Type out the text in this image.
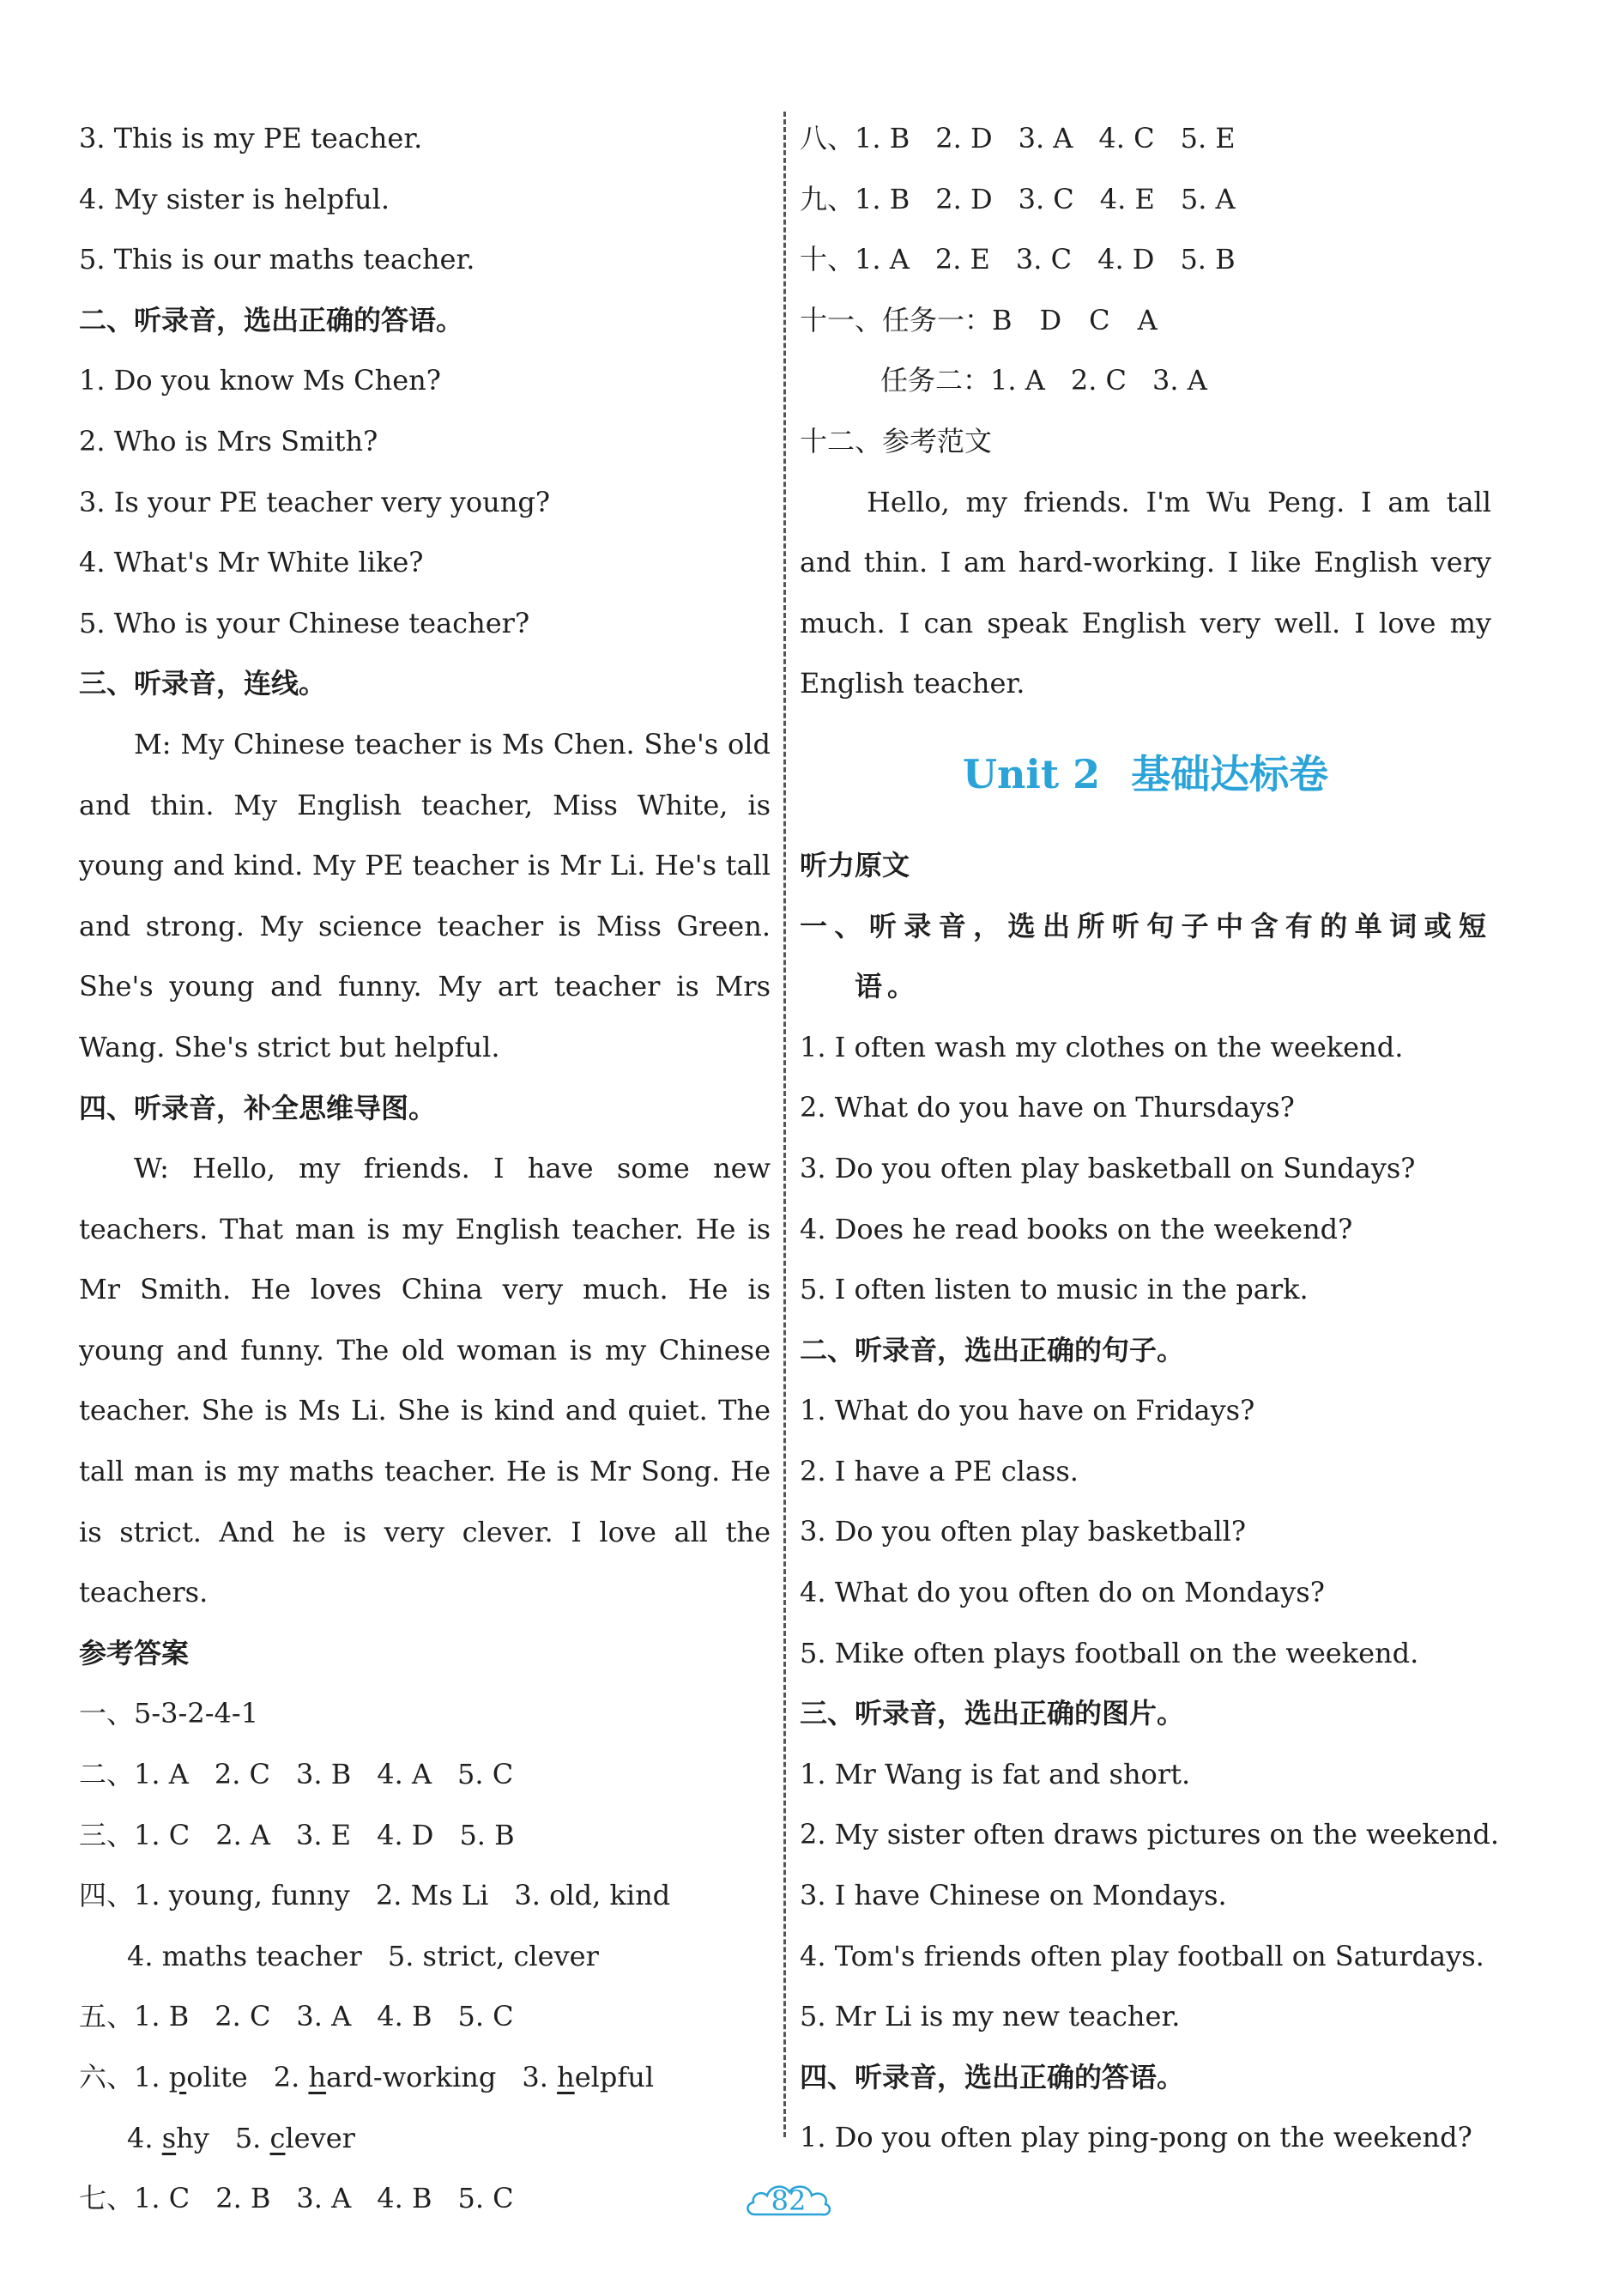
3. This is my PE teacher.
4. My sister is helpful.
5. This is our maths teacher.
二、听录音，选出正确的答语。
1. Do you know Ms Chen?
2. Who is Mrs Smith?
3. Is your PE teacher very young?
4. What's Mr White like?
5. Who is your Chinese teacher?
三、听录音，连线。
M: My Chinese teacher is Ms Chen. She's old and thin. My English teacher, Miss White, is young and kind. My PE teacher is Mr Li. He's tall and strong. My science teacher is Miss Green. She's young and funny. My art teacher is Mrs Wang. She's strict but helpful.
四、听录音，补全思维导图。
W: Hello, my friends. I have some new teachers. That man is my English teacher. He is Mr Smith. He loves China very much. He is young and funny. The old woman is my Chinese teacher. She is Ms Li. She is kind and quiet. The tall man is my maths teacher. He is Mr Song. He is strict. And he is very clever. I love all the teachers.
参考答案
一、5-3-2-4-1
二、1. A 2. C 3. B 4. A 5. C
三、1. C 2. A 3. E 4. D 5. B
四、1. young, funny 2. Ms Li 3. old, kind
4. maths teacher 5. strict, clever
五、1. B 2. C 3. A 4. B 5. C
六、1. polite 2. hard-working 3. helpful
4. shy 5. clever
七、1. C 2. B 3. A 4. B 5. C
八、1. B 2. D 3. A 4. C 5. E
九、1. B 2. D 3. C 4. E 5. A
十、1. A 2. E 3. C 4. D 5. B
十一、任务一：B　D　C　A
任务二：1. A 2. C 3. A
十二、参考范文
Hello, my friends. I'm Wu Peng. I am tall and thin. I am hard-working. I like English very much. I can speak English very well. I love my English teacher.
Unit 2 基础达标卷
听力原文
一、听录音，选出所听句子中含有的单词或短语。
1. I often wash my clothes on the weekend.
2. What do you have on Thursdays?
3. Do you often play basketball on Sundays?
4. Does he read books on the weekend?
5. I often listen to music in the park.
二、听录音，选出正确的句子。
1. What do you have on Fridays?
2. I have a PE class.
3. Do you often play basketball?
4. What do you often do on Mondays?
5. Mike often plays football on the weekend.
三、听录音，选出正确的图片。
1. Mr Wang is fat and short.
2. My sister often draws pictures on the weekend.
3. I have Chinese on Mondays.
4. Tom's friends often play football on Saturdays.
5. Mr Li is my new teacher.
四、听录音，选出正确的答语。
1. Do you often play ping-pong on the weekend?
82
